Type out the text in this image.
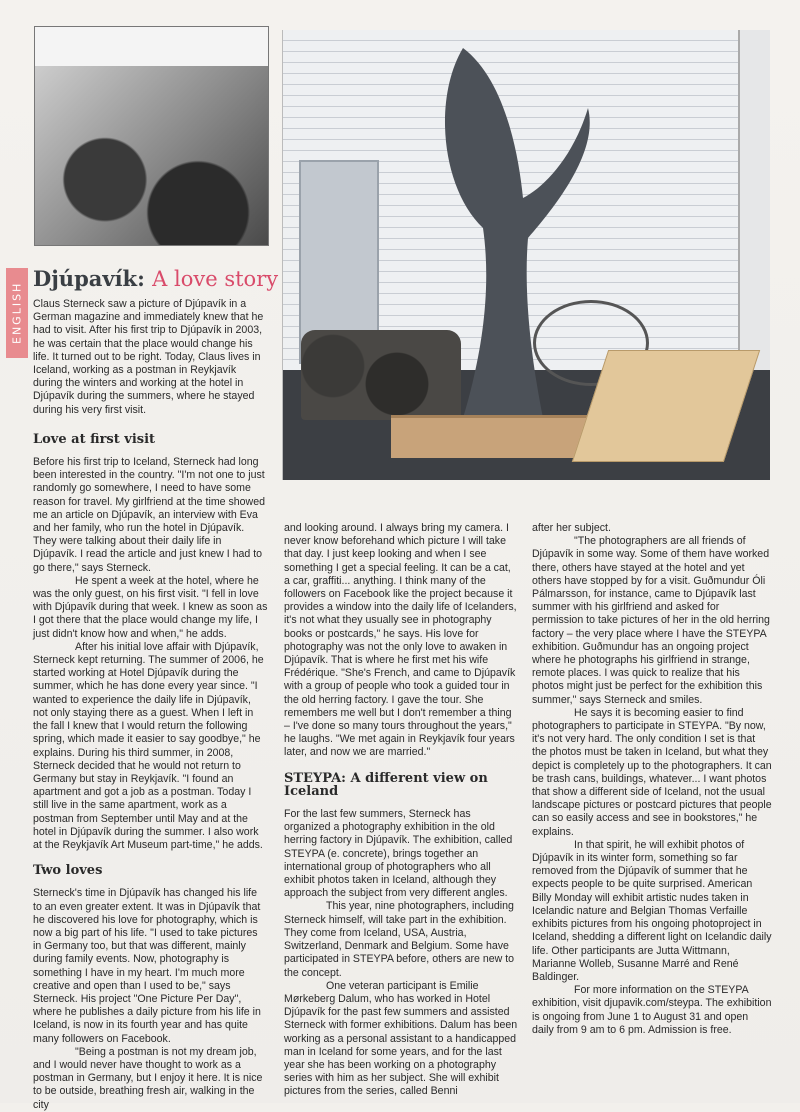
ENGLISH
Djúpavík: A love story

Claus Sterneck saw a picture of Djúpavík in a German magazine and immediately knew that he had to visit. After his first trip to Djúpavík in 2003, he was certain that the place would change his life. It turned out to be right. Today, Claus lives in Iceland, working as a postman in Reykjavík during the winters and working at the hotel in Djúpavík during the summers, where he stayed during his very first visit.

Love at first visit

Before his first trip to Iceland, Sterneck had long been interested in the country. "I'm not one to just randomly go somewhere, I need to have some reason for travel. My girlfriend at the time showed me an article on Djúpavík, an interview with Eva and her family, who run the hotel in Djúpavík. They were talking about their daily life in Djúpavík. I read the article and just knew I had to go there," says Sterneck.

He spent a week at the hotel, where he was the only guest, on his first visit. "I fell in love with Djúpavík during that week. I knew as soon as I got there that the place would change my life, I just didn't know how and when," he adds.

After his initial love affair with Djúpavík, Sterneck kept returning. The summer of 2006, he started working at Hotel Djúpavík during the summer, which he has done every year since. "I wanted to experience the daily life in Djúpavík, not only staying there as a guest. When I left in the fall I knew that I would return the following spring, which made it easier to say goodbye," he explains. During his third summer, in 2008, Sterneck decided that he would not return to Germany but stay in Reykjavík. "I found an apartment and got a job as a postman. Today I still live in the same apartment, work as a postman from September until May and at the hotel in Djúpavík during the summer. I also work at the Reykjavík Art Museum part-time," he adds.

Two loves

Sterneck's time in Djúpavík has changed his life to an even greater extent. It was in Djúpavík that he discovered his love for photography, which is now a big part of his life. "I used to take pictures in Germany too, but that was different, mainly during family events. Now, photography is something I have in my heart. I'm much more creative and open than I used to be," says Sterneck. His project "One Picture Per Day", where he publishes a daily picture from his life in Iceland, is now in its fourth year and has quite many followers on Facebook.

"Being a postman is not my dream job, and I would never have thought to work as a postman in Germany, but I enjoy it here. It is nice to be outside, breathing fresh air, walking in the city

and looking around. I always bring my camera. I never know beforehand which picture I will take that day. I just keep looking and when I see something I get a special feeling. It can be a cat, a car, graffiti... anything. I think many of the followers on Facebook like the project because it provides a window into the daily life of Icelanders, it's not what they usually see in photography books or postcards," he says. His love for photography was not the only love to awaken in Djúpavík. That is where he first met his wife Frédérique. "She's French, and came to Djúpavík with a group of people who took a guided tour in the old herring factory. I gave the tour. She remembers me well but I don't remember a thing – I've done so many tours throughout the years," he laughs. "We met again in Reykjavík four years later, and now we are married."

STEYPA: A different view on Iceland

For the last few summers, Sterneck has organized a photography exhibition in the old herring factory in Djúpavík. The exhibition, called STEYPA (e. concrete), brings together an international group of photographers who all exhibit photos taken in Iceland, although they approach the subject from very different angles.

This year, nine photographers, including Sterneck himself, will take part in the exhibition. They come from Iceland, USA, Austria, Switzerland, Denmark and Belgium. Some have participated in STEYPA before, others are new to the concept.

One veteran participant is Emilie Mørkeberg Dalum, who has worked in Hotel Djúpavík for the past few summers and assisted Sterneck with former exhibitions. Dalum has been working as a personal assistant to a handicapped man in Iceland for some years, and for the last year she has been working on a photography series with him as her subject. She will exhibit pictures from the series, called Benni

after her subject.

"The photographers are all friends of Djúpavík in some way. Some of them have worked there, others have stayed at the hotel and yet others have stopped by for a visit. Guðmundur Óli Pálmarsson, for instance, came to Djúpavík last summer with his girlfriend and asked for permission to take pictures of her in the old herring factory – the very place where I have the STEYPA exhibition. Guðmundur has an ongoing project where he photographs his girlfriend in strange, remote places. I was quick to realize that his photos might just be perfect for the exhibition this summer," says Sterneck and smiles.

He says it is becoming easier to find photographers to participate in STEYPA. "By now, it's not very hard. The only condition I set is that the photos must be taken in Iceland, but what they depict is completely up to the photographers. It can be trash cans, buildings, whatever... I want photos that show a different side of Iceland, not the usual landscape pictures or postcard pictures that people can so easily access and see in bookstores," he explains.

In that spirit, he will exhibit photos of Djúpavík in its winter form, something so far removed from the Djúpavík of summer that he expects people to be quite surprised. American Billy Monday will exhibit artistic nudes taken in Icelandic nature and Belgian Thomas Verfaille exhibits pictures from his ongoing photoproject in Iceland, shedding a different light on Icelandic daily life. Other participants are Jutta Wittmann, Marianne Wolleb, Susanne Marré and René Baldinger.

For more information on the STEYPA exhibition, visit djupavik.com/steypa. The exhibition is ongoing from June 1 to August 31 and open daily from 9 am to 6 pm. Admission is free.
